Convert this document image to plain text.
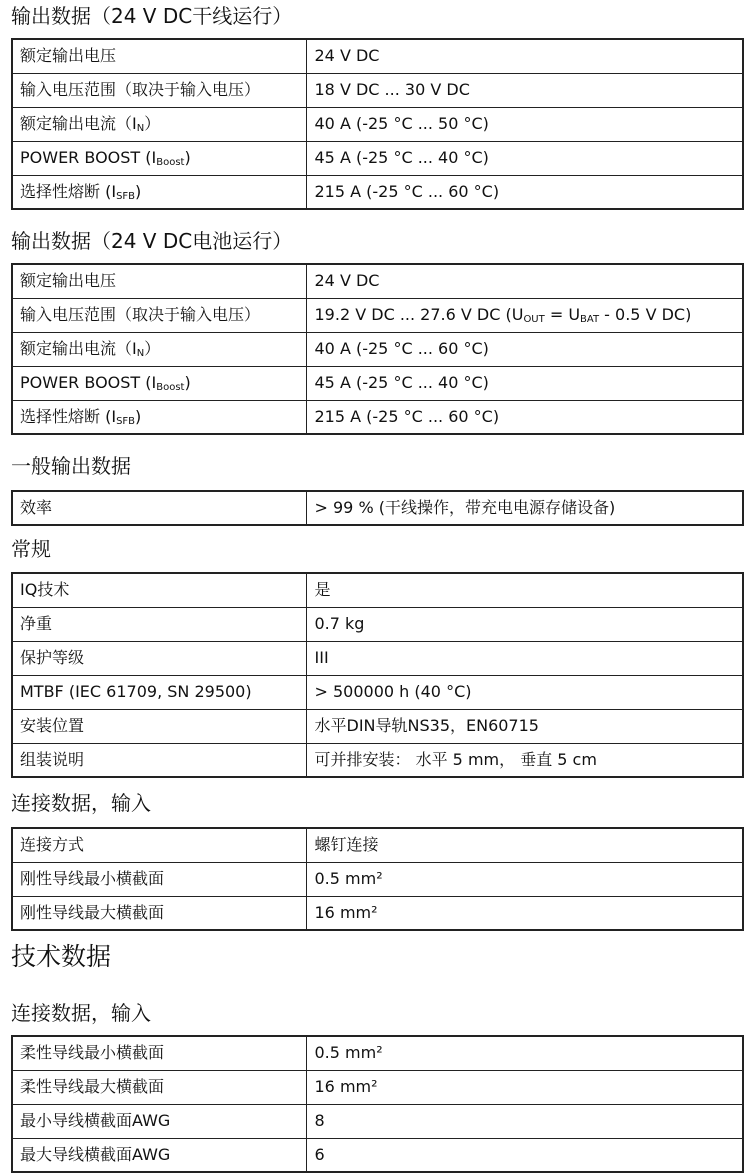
输出数据（24 V DC干线运行）
额定输出电压	24 V DC
输入电压范围（取决于输入电压）	18 V DC ... 30 V DC
额定输出电流$(I_N)$	40 A (-25 °C ... 50 °C)
POWER BOOST $(I_{Boost})$	45 A (-25 °C ... 40 °C)
选择性熔断 $(I_{SFB})$	215 A (-25 °C ... 60 °C)
输出数据（24 V DC电池运行）
额定输出电压	24 V DC
输入电压范围（取决于输入电压）	19.2 V DC ... 27.6 V DC ($U_{OUT} = U_{BAT} - 0.5$ V DC)
额定输出电流$(I_N)$	40 A (-25 °C ... 60 °C)
POWER BOOST $(I_{Boost})$	45 A (-25 °C ... 40 °C)
选择性熔断 $(I_{SFB})$	215 A (-25 °C ... 60 °C)
一般输出数据
效率	> 99 % (干线操作，带充电电源存储设备)
常规
IQ技术	是
净重	0.7 kg
保护等级	III
MTBF (IEC 61709, SN 29500)	> 500000 h (40 °C)
安装位置	水平DIN导轨NS35，EN60715
组装说明	可并排安装： 水平 5 mm， 垂直 5 cm
连接数据，输入
连接方式	螺钉连接
刚性导线最小横截面	0.5 mm²
刚性导线最大横截面	16 mm²
技术数据
连接数据，输入
柔性导线最小横截面	0.5 mm²
柔性导线最大横截面	16 mm²
最小导线横截面AWG	8
最大导线横截面AWG	6
